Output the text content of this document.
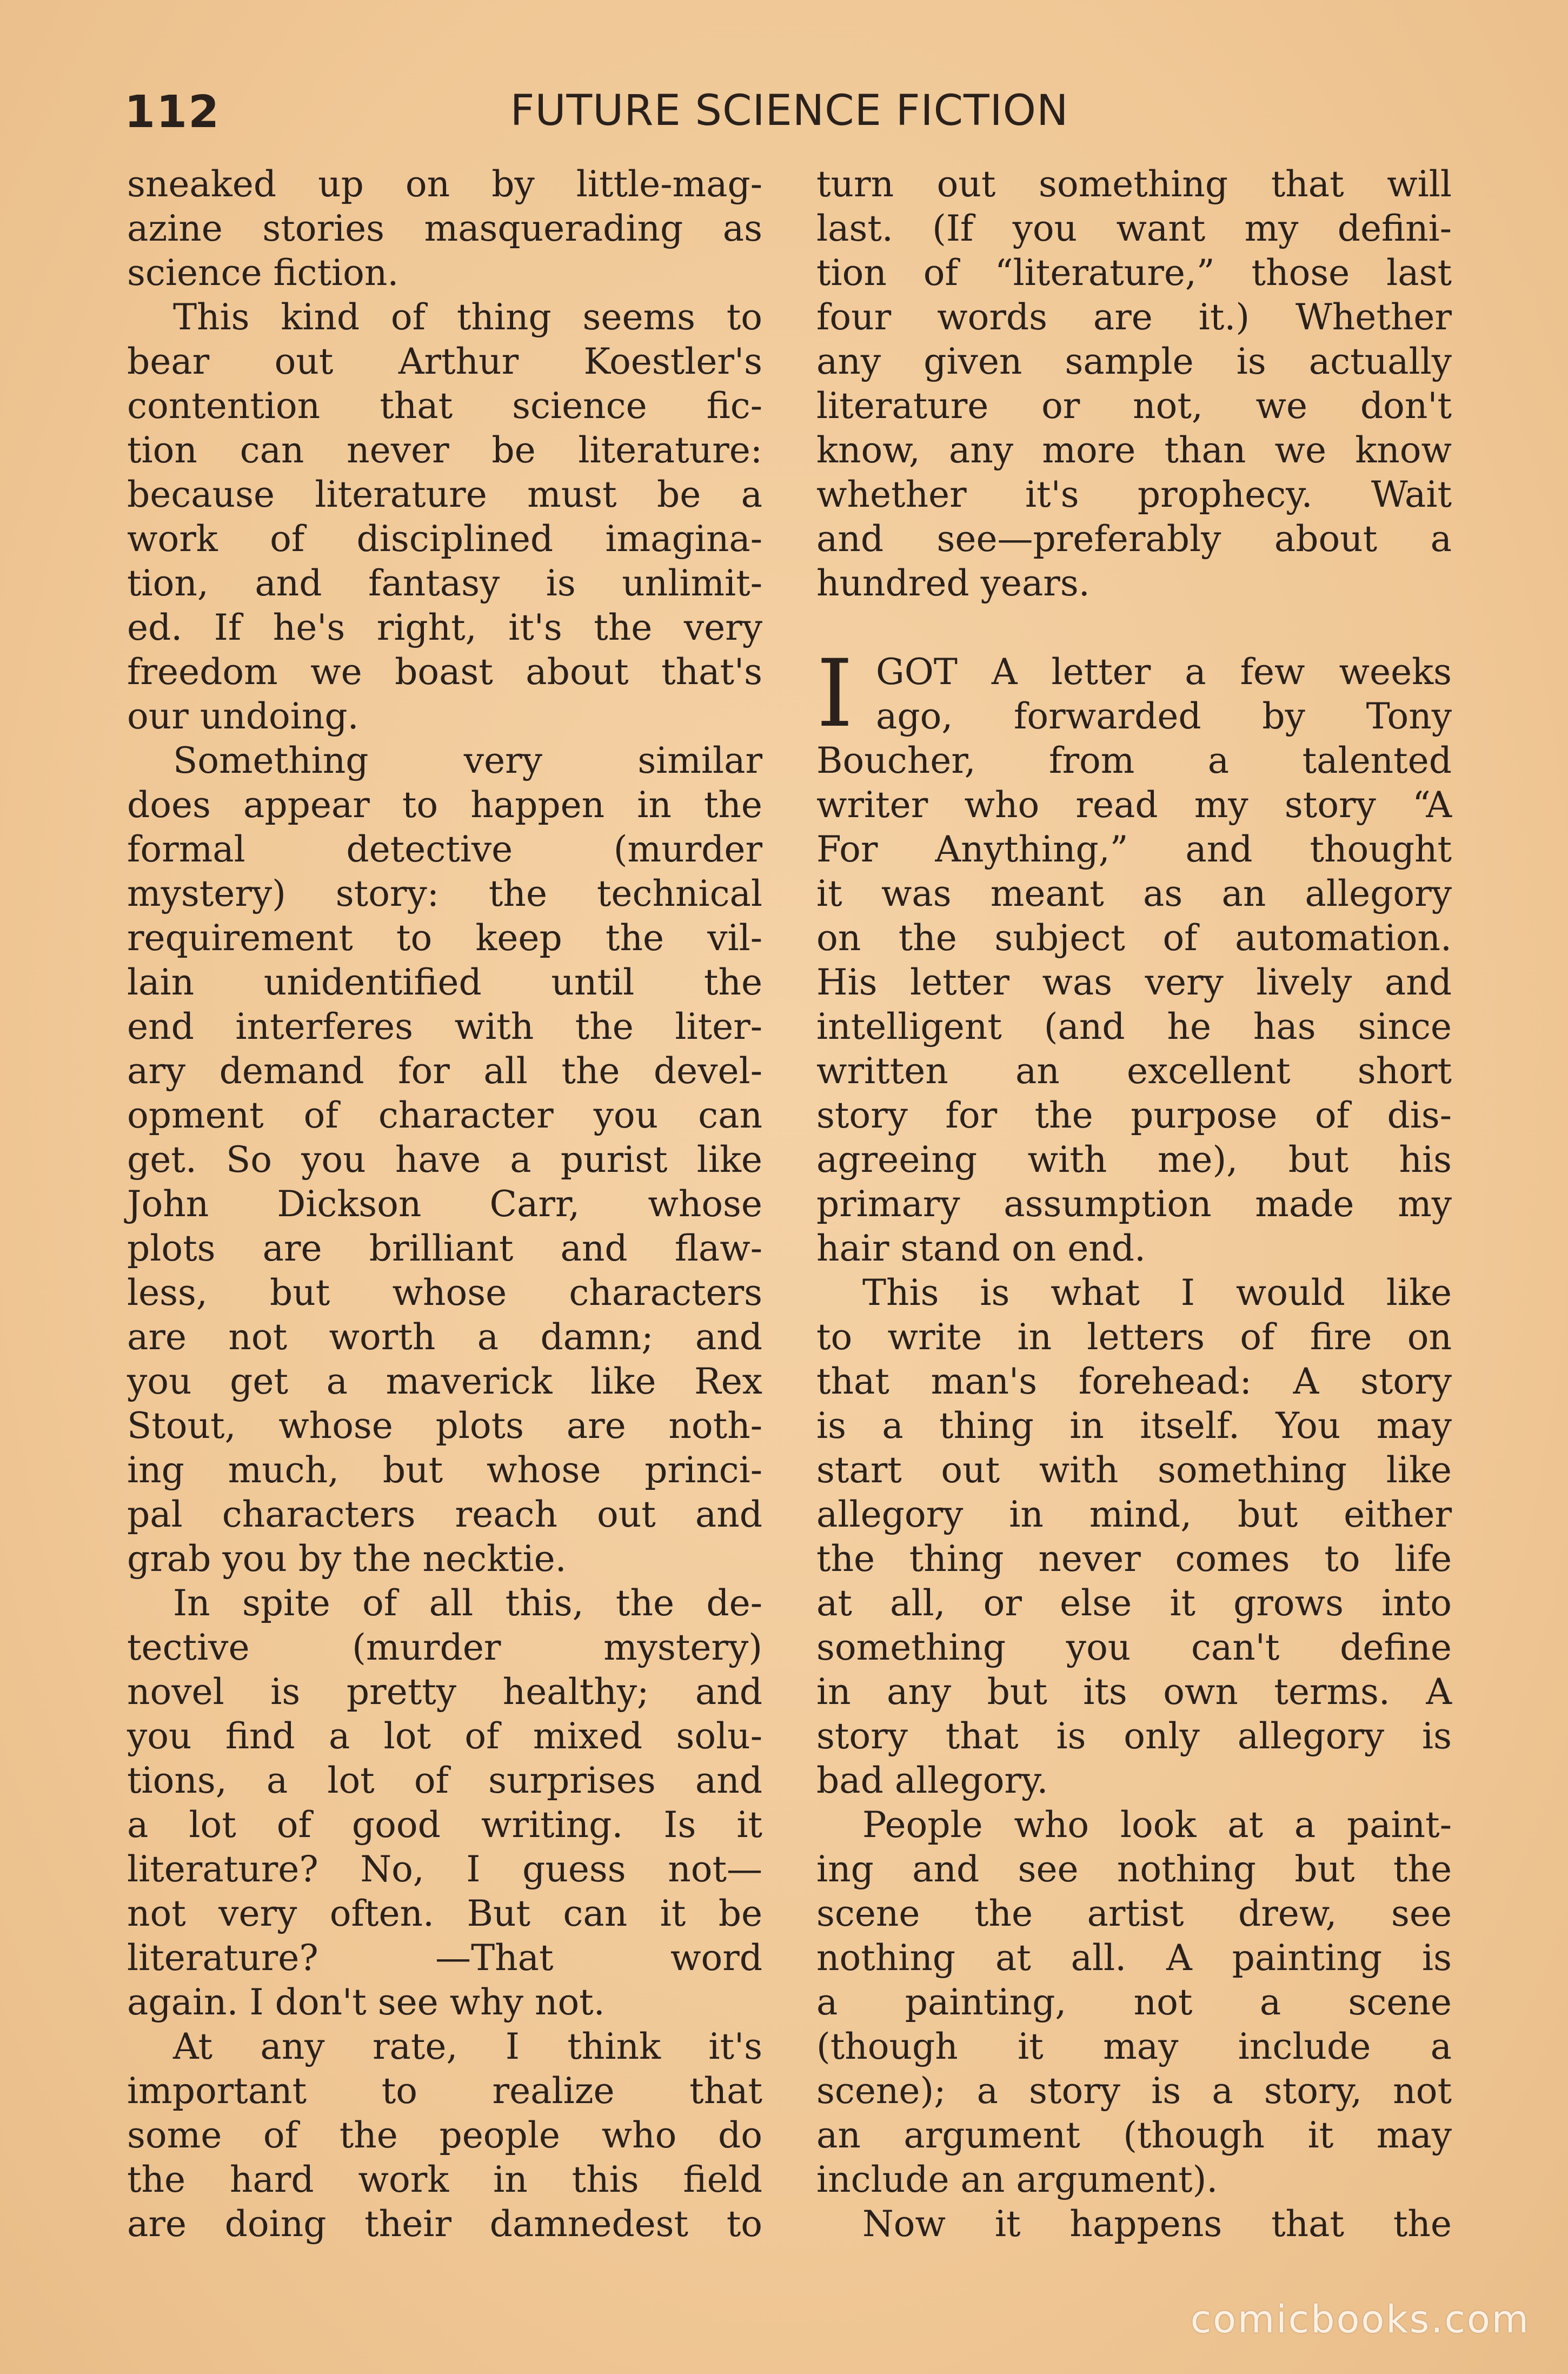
112	FUTURE SCIENCE FICTION
sneaked up on by little-mag-
azine stories masquerading as
science fiction.
This kind of thing seems to
bear out Arthur Koestler's
contention that science fic-
tion can never be literature:
because literature must be a
work of disciplined imagina-
tion, and fantasy is unlimit-
ed. If he's right, it's the very
freedom we boast about that's
our undoing.
Something very similar
does appear to happen in the
formal detective (murder
mystery) story: the technical
requirement to keep the vil-
lain unidentified until the
end interferes with the liter-
ary demand for all the devel-
opment of character you can
get. So you have a purist like
John Dickson Carr, whose
plots are brilliant and flaw-
less, but whose characters
are not worth a damn; and
you get a maverick like Rex
Stout, whose plots are noth-
ing much, but whose princi-
pal characters reach out and
grab you by the necktie.
In spite of all this, the de-
tective (murder mystery)
novel is pretty healthy; and
you find a lot of mixed solu-
tions, a lot of surprises and
a lot of good writing. Is it
literature? No, I guess not—
not very often. But can it be
literature? —That word
again. I don't see why not.
At any rate, I think it's
important to realize that
some of the people who do
the hard work in this field
are doing their damnedest to
turn out something that will
last. (If you want my defini-
tion of “literature,” those last
four words are it.) Whether
any given sample is actually
literature or not, we don't
know, any more than we know
whether it's prophecy. Wait
and see—preferably about a
hundred years.
I GOT A letter a few weeks
ago, forwarded by Tony
Boucher, from a talented
writer who read my story “A
For Anything,” and thought
it was meant as an allegory
on the subject of automation.
His letter was very lively and
intelligent (and he has since
written an excellent short
story for the purpose of dis-
agreeing with me), but his
primary assumption made my
hair stand on end.
This is what I would like
to write in letters of fire on
that man's forehead: A story
is a thing in itself. You may
start out with something like
allegory in mind, but either
the thing never comes to life
at all, or else it grows into
something you can't define
in any but its own terms. A
story that is only allegory is
bad allegory.
People who look at a paint-
ing and see nothing but the
scene the artist drew, see
nothing at all. A painting is
a painting, not a scene
(though it may include a
scene); a story is a story, not
an argument (though it may
include an argument).
Now it happens that the
comicbooks.com
